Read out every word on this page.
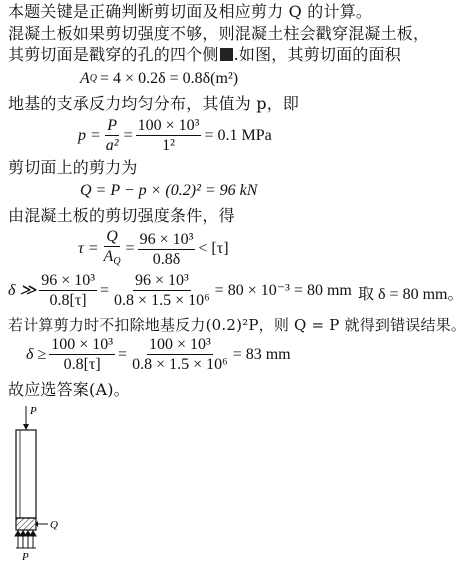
本题关键是正确判断剪切面及相应剪力 Q 的计算。
混凝土板如果剪切强度不够，则混凝土柱会戳穿混凝土板，
其剪切面是戳穿的孔的四个侧 .如图，其剪切面的面积
A Q = 4 × 0.2δ = 0.8δ(m²)
地基的支承反力均匀分布，其值为 p，即
$p = \frac{P}{\text{a²}} = \frac{\text{100 × 10³}}{\text{1²}} = 0.1$ MPa
剪切面上的剪力为
Q = P − p × (0.2)² = 96 kN
由混凝土板的剪切强度条件，得
$\tau = \frac{Q}{A_Q} = \frac{\text{96 × 10³}}{0.8\delta} < [\tau]$
δ ≫ $\frac{\text{96 × 10³}}{0.8[\tau]} = \frac{\text{96 × 10³}}{\text{0.8 × 1.5 × 10⁶}} = 80 \times 10^{-3} = 80$ mm 取 δ = 80 mm。
若计算剪力时不扣除地基反力(0.2)²P，则 Q = P 就得到错误结果。
$\delta \ge \frac{\text{100 × 10³}}{0.8[\tau]} = \frac{\text{100 × 10³}}{\text{0.8 × 1.5 × 10⁶}} = 83$ mm
故应选答案(A)。
P
Q
P
